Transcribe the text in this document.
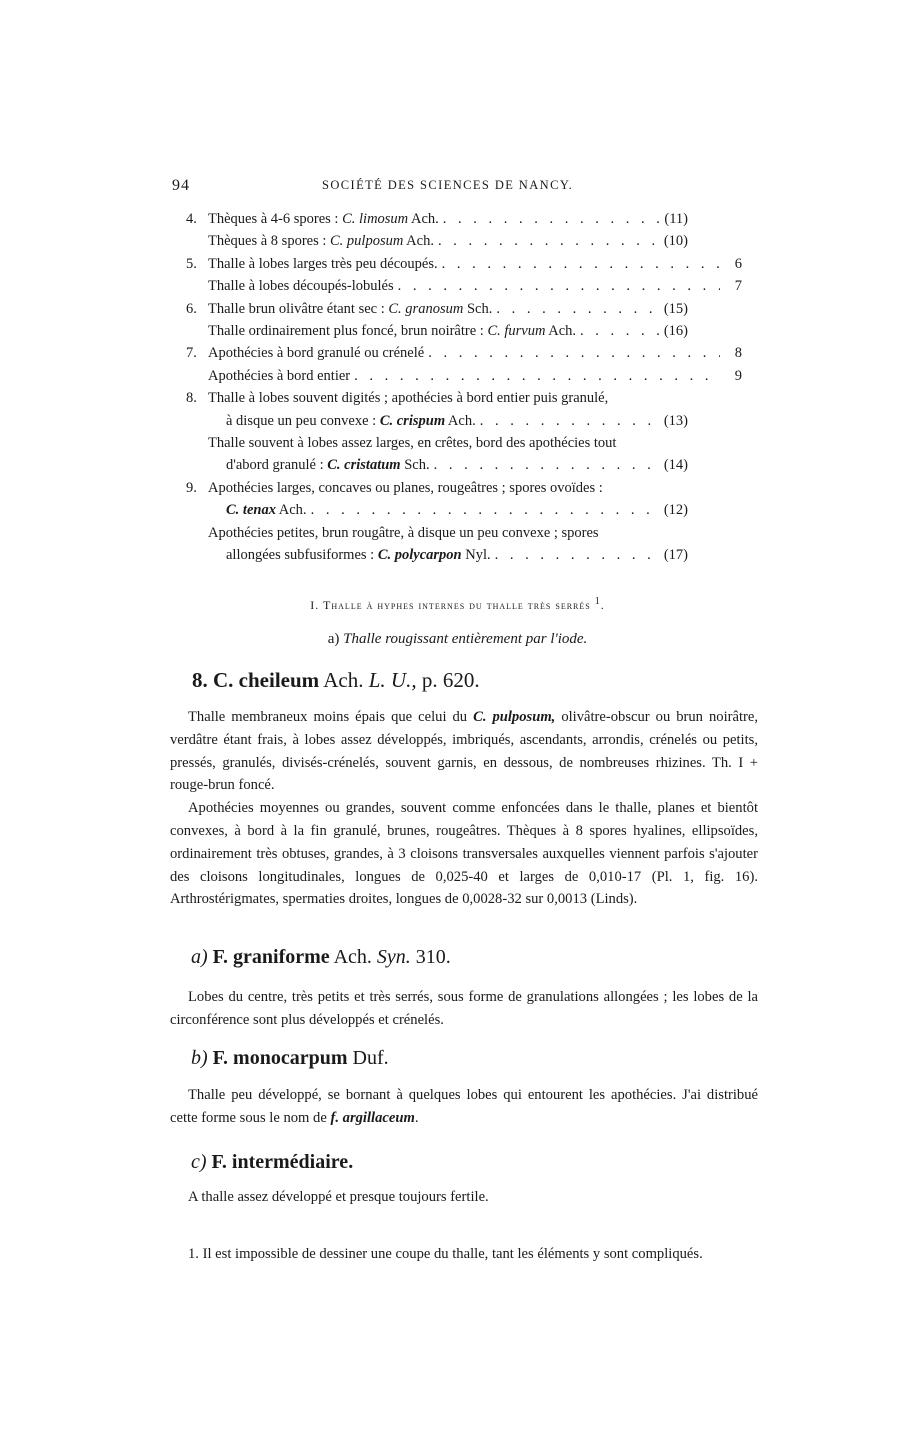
94	SOCIÉTÉ DES SCIENCES DE NANCY.
4. Thèques à 4-6 spores : C. limosum Ach. . . .	(11)
Thèques à 8 spores : C. pulposum Ach. . . .	(10)
5. Thalle à lobes larges très peu découpés. . . .	6
Thalle à lobes découpés-lobulés . . .	7
6. Thalle brun olivâtre étant sec : C. granosum Sch. . . .	(15)
Thalle ordinairement plus foncé, brun noirâtre : C. furvum Ach. . . .	(16)
7. Apothécies à bord granulé ou crénelé . . .	8
Apothécies à bord entier . . .	9
8. Thalle à lobes souvent digités ; apothécies à bord entier puis granulé,
à disque un peu convexe : C. crispum Ach. . . .	(13)
Thalle souvent à lobes assez larges, en crêtes, bord des apothécies tout
d'abord granulé : C. cristatum Sch. . . .	(14)
9. Apothécies larges, concaves ou planes, rougeâtres ; spores ovoïdes :
C. tenax Ach. . . .	(12)
Apothécies petites, brun rougâtre, à disque un peu convexe ; spores
allongées subfusiformes : C. polycarpon Nyl. . . .	(17)
I. Thalle à hyphes internes du thalle très serrés $^1$.
a) Thalle rougissant entièrement par l'iode.
8. C. cheileum Ach. L. U., p. 620.

Thalle membraneux moins épais que celui du C. pulposum, olivâtre-obscur ou brun noirâtre, verdâtre étant frais, à lobes assez développés, imbriqués, ascendants, arrondis, crénelés ou petits, pressés, granulés, divisés-crénelés, souvent garnis, en dessous, de nombreuses rhizines. Th. I + rouge-brun foncé.

Apothécies moyennes ou grandes, souvent comme enfoncées dans le thalle, planes et bientôt convexes, à bord à la fin granulé, brunes, rougeâtres. Thèques à 8 spores hyalines, ellipsoïdes, ordinairement très obtuses, grandes, à 3 cloisons transversales auxquelles viennent parfois s'ajouter des cloisons longitudinales, longues de 0,025-40 et larges de 0,010-17 (Pl. 1, fig. 16). Arthrostérigmates, spermaties droites, longues de 0,0028-32 sur 0,0013 (Linds).

a) F. graniforme Ach. Syn. 310.

Lobes du centre, très petits et très serrés, sous forme de granulations allongées ; les lobes de la circonférence sont plus développés et crénelés.

b) F. monocarpum Duf.

Thalle peu développé, se bornant à quelques lobes qui entourent les apothécies. J'ai distribué cette forme sous le nom de f. argillaceum.

c) F. intermédiaire.

A thalle assez développé et presque toujours fertile.

1. Il est impossible de dessiner une coupe du thalle, tant les éléments y sont compliqués.
